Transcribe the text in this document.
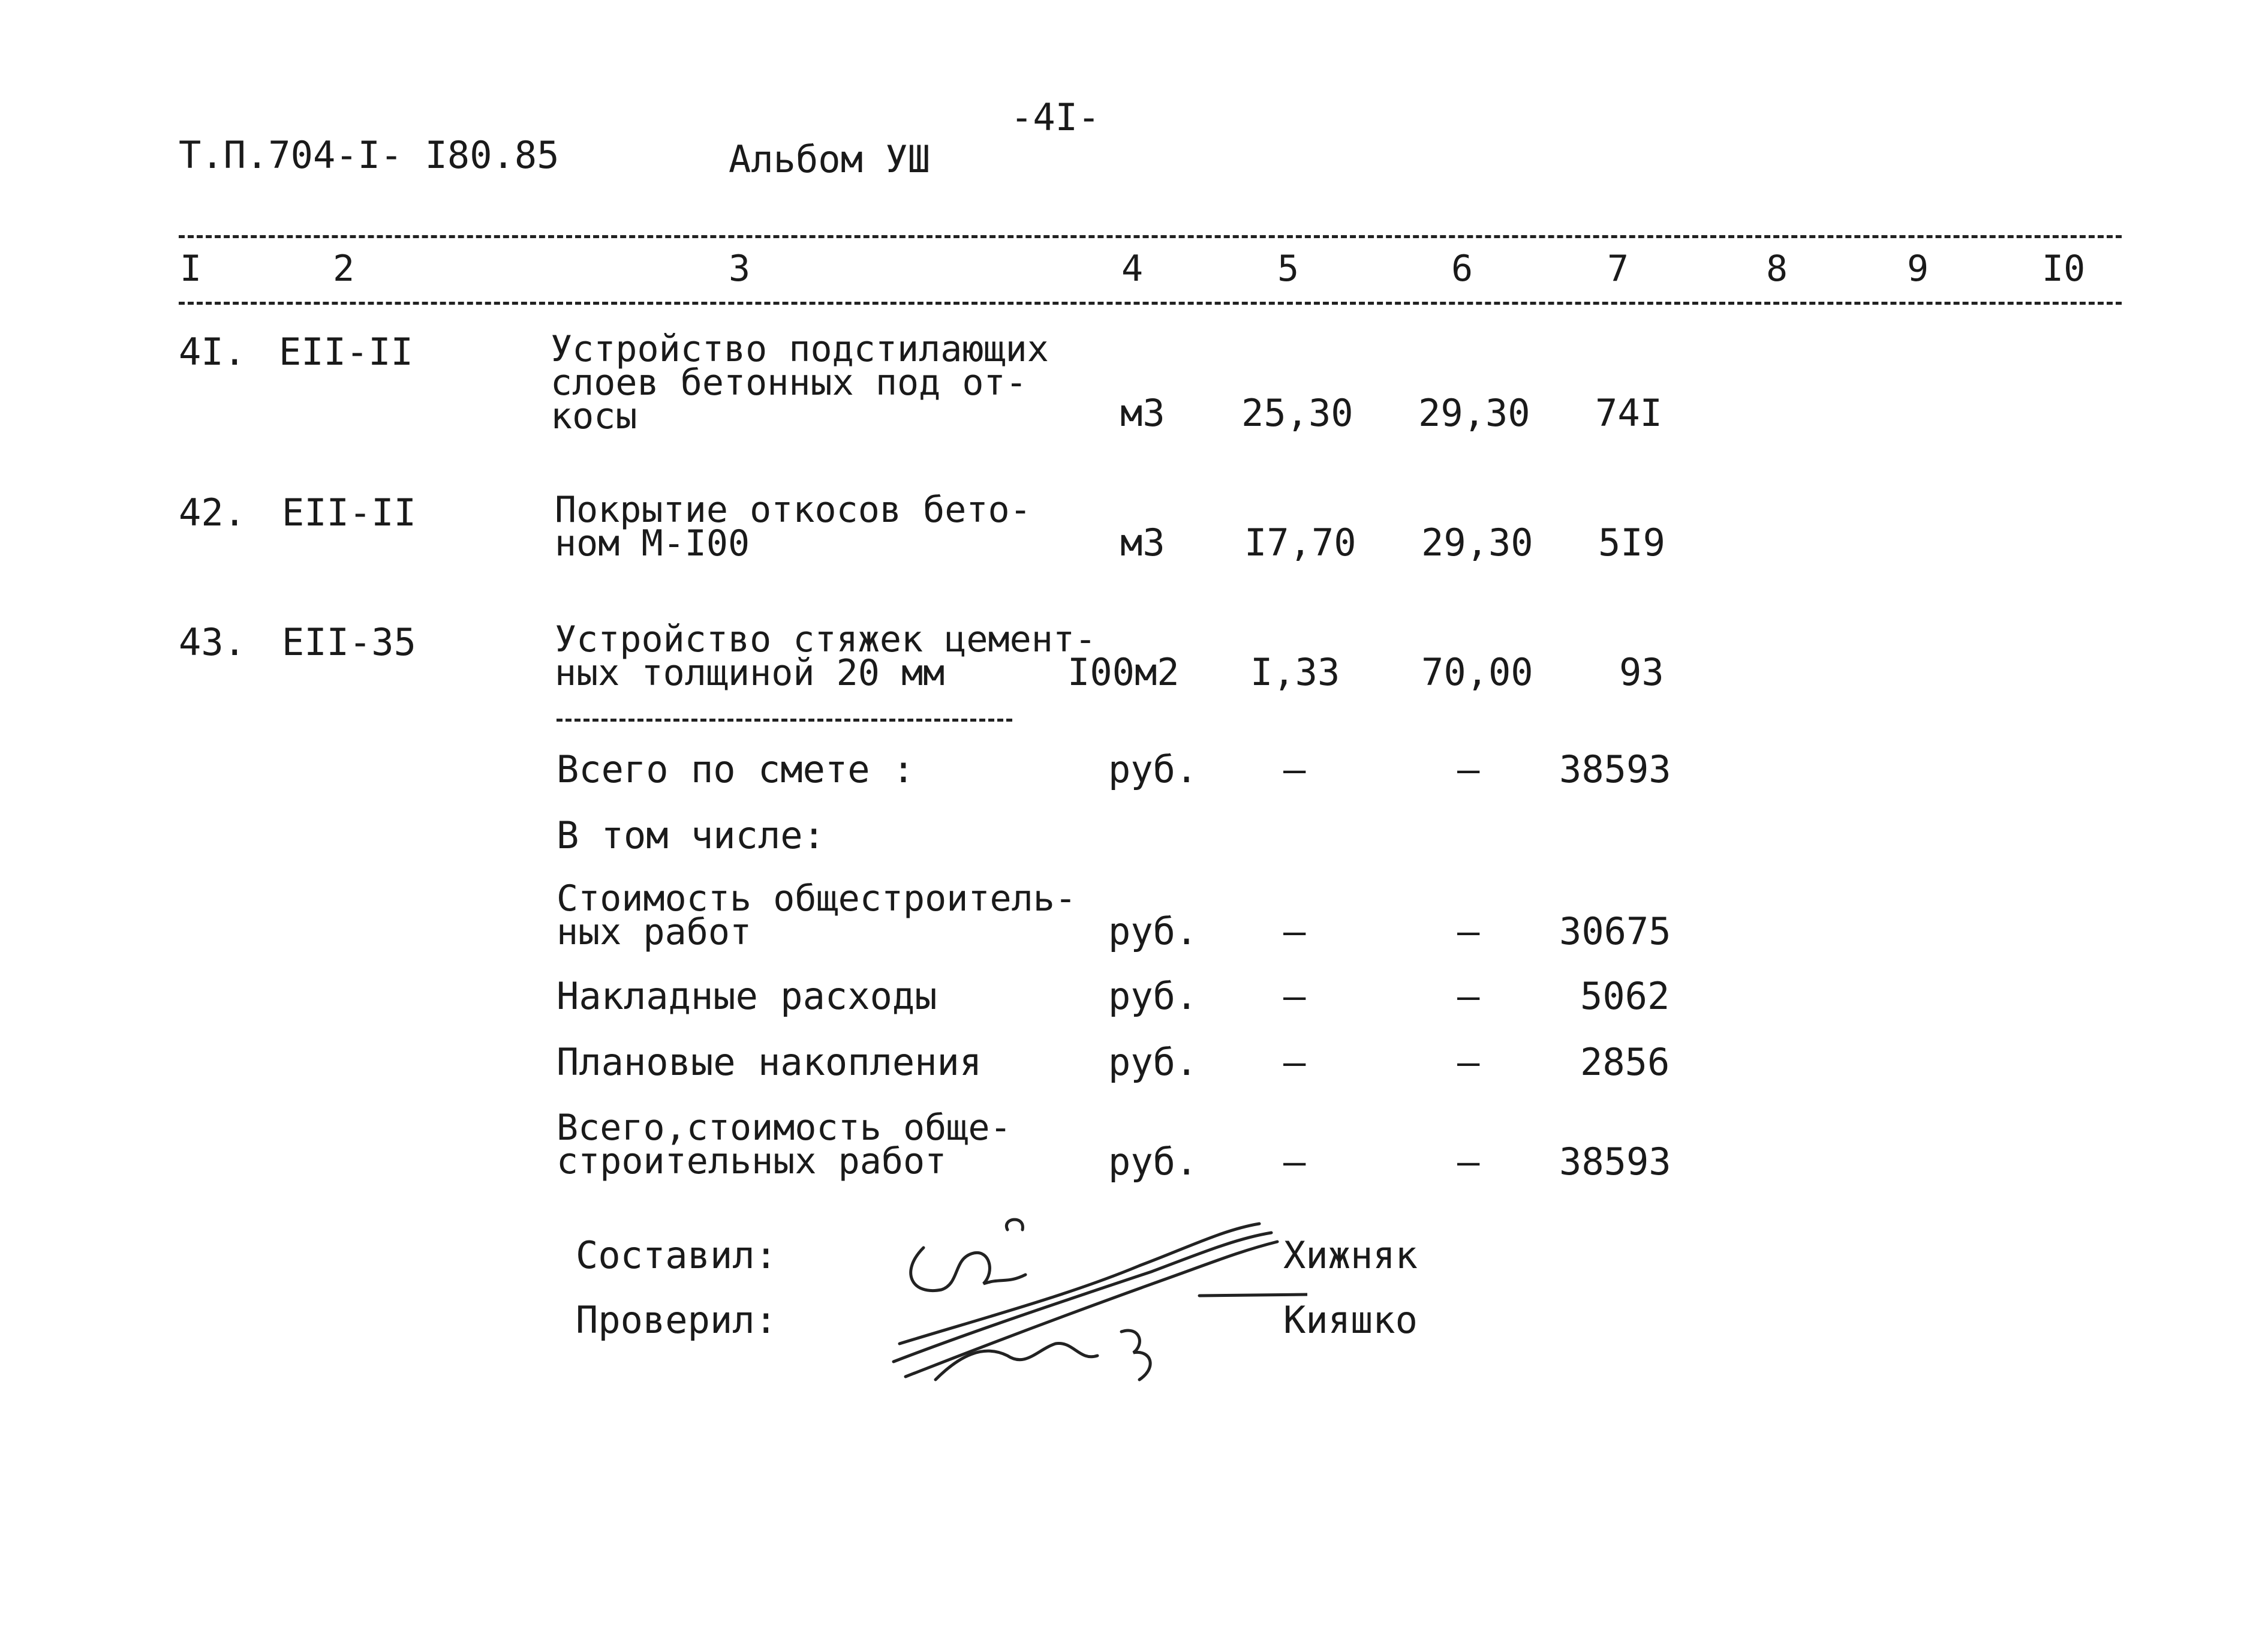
-4I-
Т.П.704-I- I80.85	Альбом УШ
I	2	3	4	5	6	7	8	9	I0
4I. EII-II	Устройство подстилающих
слоев бетонных под от-
косы	м3 25,30 29,30 74I
42. EII-II	Покрытие откосов бето-
ном М-I00	м3 I7,70 29,30 5I9
43. EII-35	Устройство стяжек цемент-
ных толщиной 20 мм	I00м2 I,33 70,00 93
Всего по смете :	руб. –	– 38593
В том числе:
Стоимость общестроитель-
ных работ	руб. –	– 30675
Накладные расходы	руб. –	–	5062
Плановые накопления	руб. –	–	2856
Всего,стоимость обще-
строительных работ	руб. –	– 38593
Составил:	Хижняк
Проверил:	Кияшко
